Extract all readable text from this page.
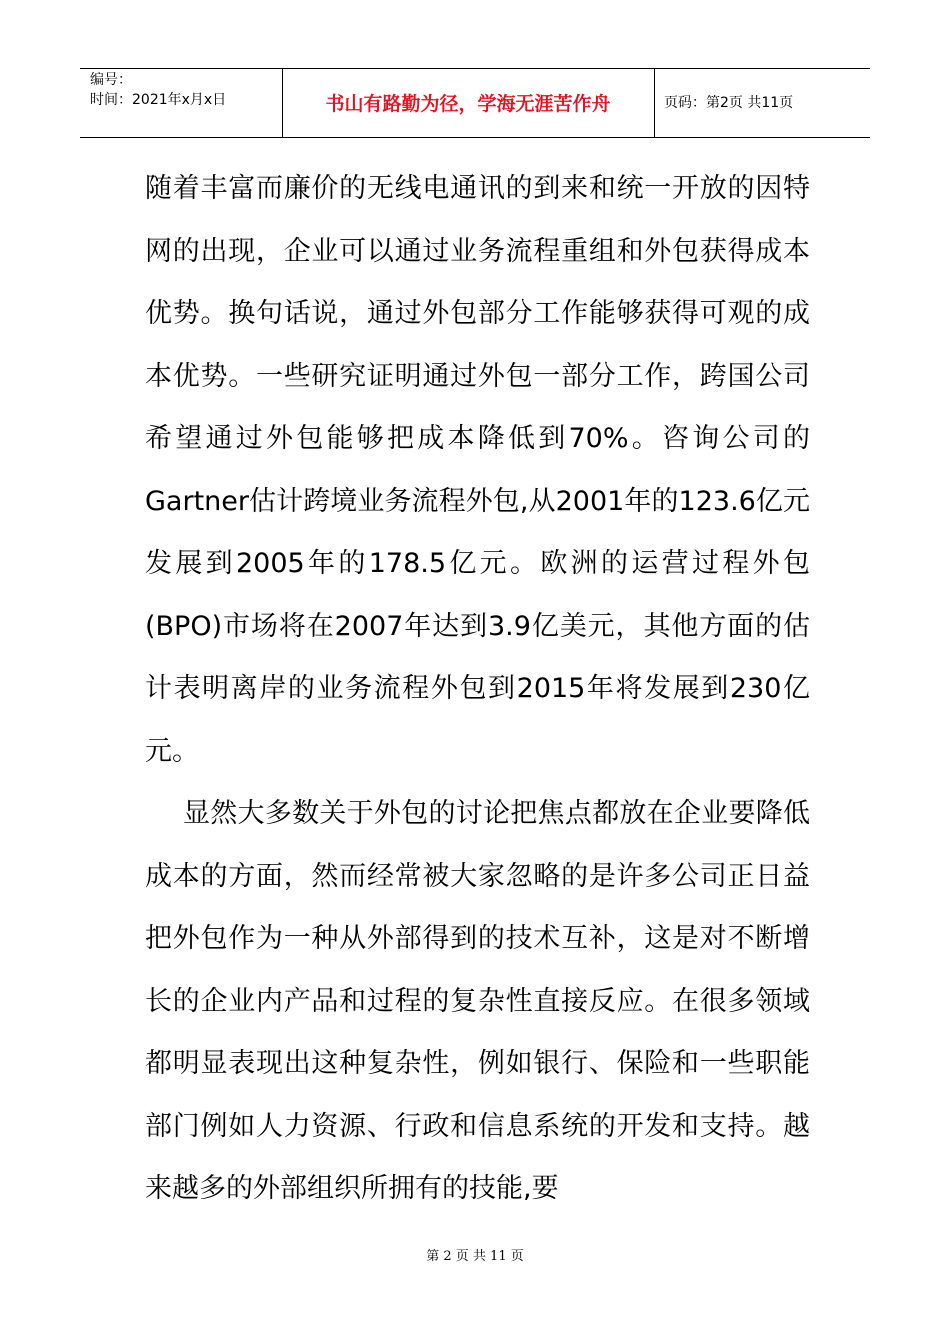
编号：
时间：2021年x月x日	书山有路勤为径，学海无涯苦作舟	页码：第2页 共11页

随着丰富而廉价的无线电通讯的到来和统一开放的因特网的出现，企业可以通过业务流程重组和外包获得成本优势。换句话说，通过外包部分工作能够获得可观的成本优势。一些研究证明通过外包一部分工作，跨国公司希望通过外包能够把成本降低到70%。咨询公司的Gartner估计跨境业务流程外包,从2001年的123.6亿元发展到2005年的178.5亿元。欧洲的运营过程外包(BPO)市场将在2007年达到3.9亿美元，其他方面的估计表明离岸的业务流程外包到2015年将发展到230亿元。

显然大多数关于外包的讨论把焦点都放在企业要降低成本的方面，然而经常被大家忽略的是许多公司正日益把外包作为一种从外部得到的技术互补，这是对不断增长的企业内产品和过程的复杂性直接反应。在很多领域都明显表现出这种复杂性，例如银行、保险和一些职能部门例如人力资源、行政和信息系统的开发和支持。越来越多的外部组织所拥有的技能,要

第 2 页 共 11 页
